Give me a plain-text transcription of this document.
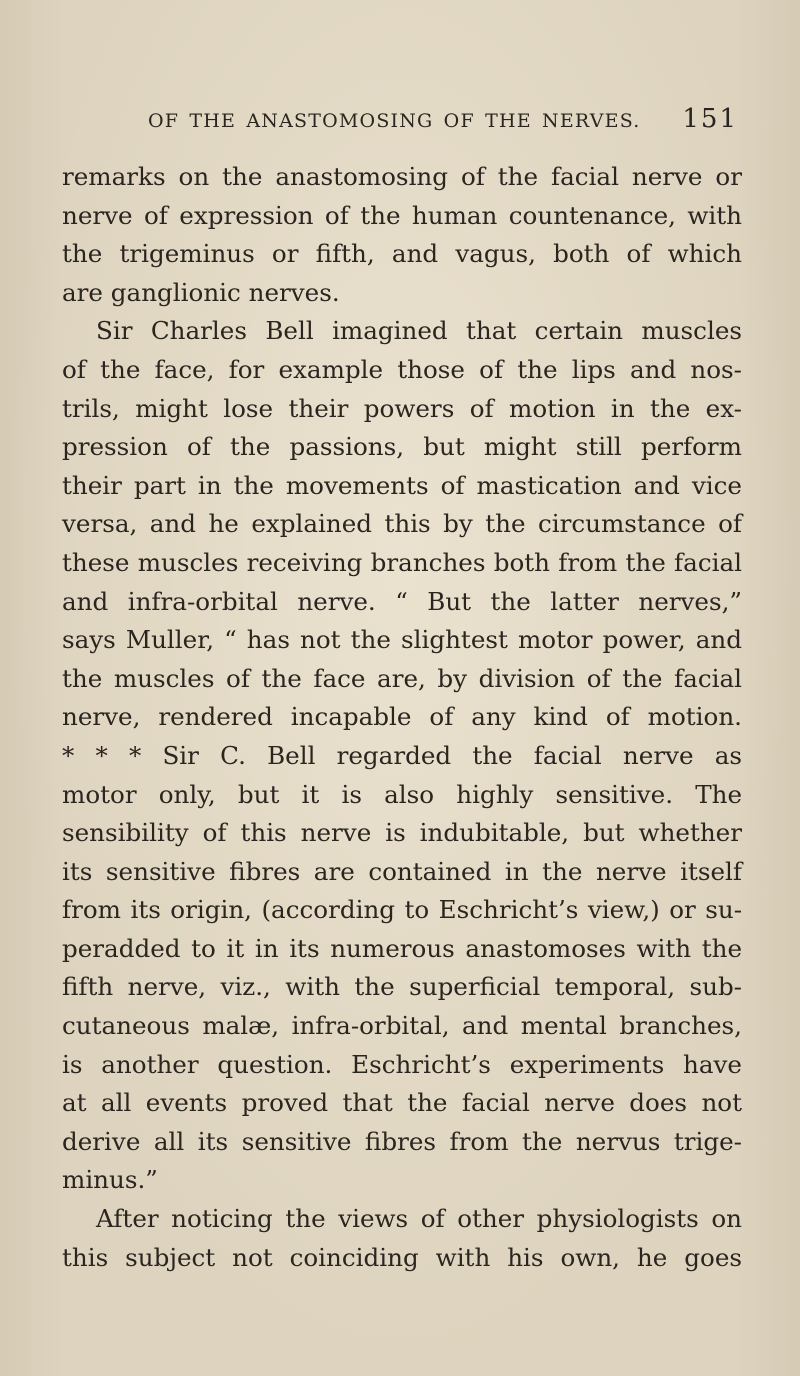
OF THE ANASTOMOSING OF THE NERVES. 151
remarks on the anastomosing of the facial nerve or
nerve of expression of the human countenance, with
the trigeminus or fifth, and vagus, both of which
are ganglionic nerves.
Sir Charles Bell imagined that certain muscles
of the face, for example those of the lips and nos-
trils, might lose their powers of motion in the ex-
pression of the passions, but might still perform
their part in the movements of mastication and vice
versa, and he explained this by the circumstance of
these muscles receiving branches both from the facial
and infra-orbital nerve. “ But the latter nerves,”
says Muller, “ has not the slightest motor power, and
the muscles of the face are, by division of the facial
nerve, rendered incapable of any kind of motion.
* * * Sir C. Bell regarded the facial nerve as
motor only, but it is also highly sensitive. The
sensibility of this nerve is indubitable, but whether
its sensitive fibres are contained in the nerve itself
from its origin, (according to Eschricht’s view,) or su-
peradded to it in its numerous anastomoses with the
fifth nerve, viz., with the superficial temporal, sub-
cutaneous malæ, infra-orbital, and mental branches,
is another question. Eschricht’s experiments have
at all events proved that the facial nerve does not
derive all its sensitive fibres from the nervus trige-
minus.”
After noticing the views of other physiologists on
this subject not coinciding with his own, he goes
